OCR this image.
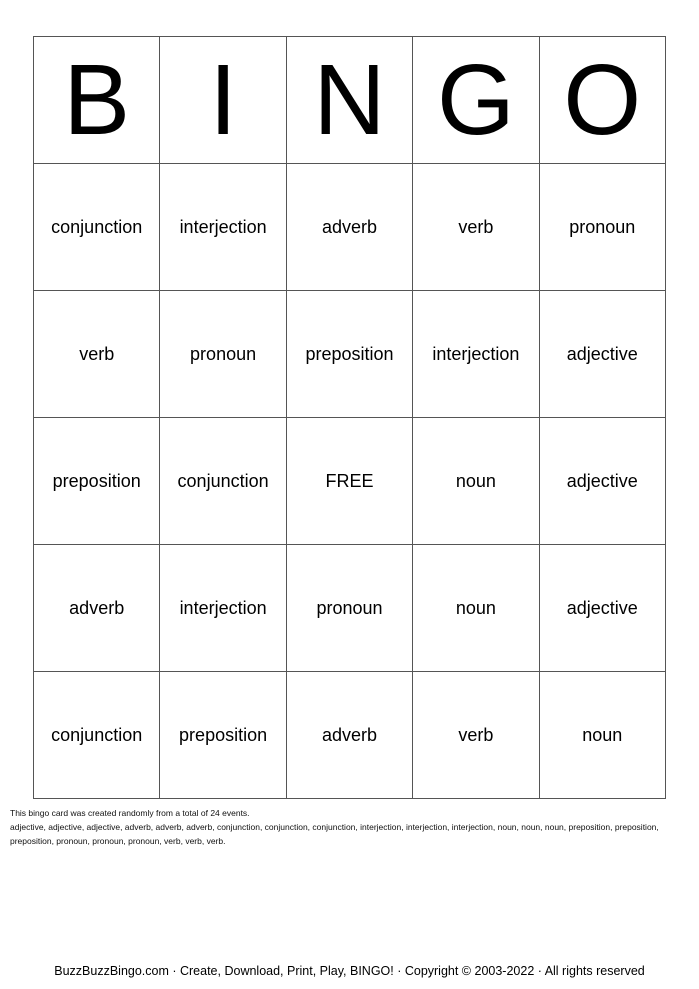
B	I	N	G	O
conjunction	interjection	adverb	verb	pronoun
verb	pronoun	preposition	interjection	adjective
preposition	conjunction	FREE	noun	adjective
adverb	interjection	pronoun	noun	adjective
conjunction	preposition	adverb	verb	noun
This bingo card was created randomly from a total of 24 events.
adjective, adjective, adjective, adverb, adverb, adverb, conjunction, conjunction, conjunction, interjection, interjection, interjection, noun, noun, noun, preposition, preposition, preposition, pronoun, pronoun, pronoun, verb, verb, verb.
BuzzBuzzBingo.com · Create, Download, Print, Play, BINGO! · Copyright © 2003-2022 · All rights reserved
